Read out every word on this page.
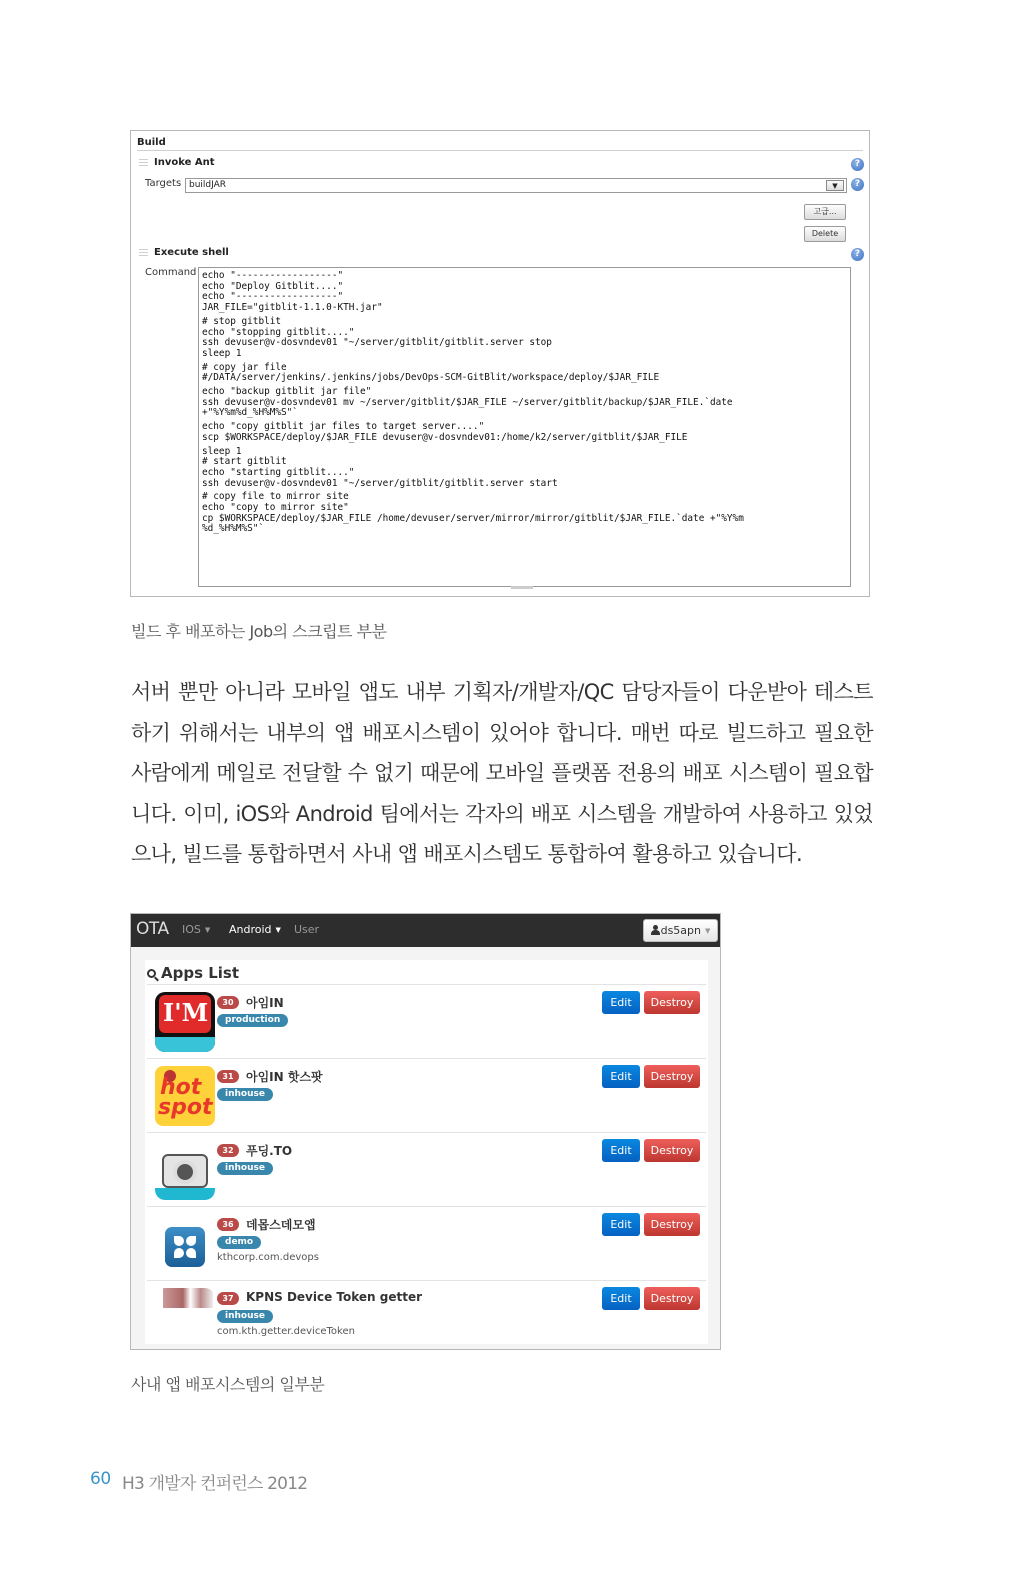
Build
Invoke Ant	?
Targets buildJAR	▼	?
고급...
Delete
Execute shell	?
Command echo "------------------"
echo "Deploy Gitblit...."
echo "------------------"
JAR_FILE="gitblit-1.1.0-KTH.jar"

# stop gitblit
echo "stopping gitblit...."
ssh devuser@v-dosvndev01 "~/server/gitblit/gitblit.server stop
sleep 1

# copy jar file
#/DATA/server/jenkins/.jenkins/jobs/DevOps-SCM-GitBlit/workspace/deploy/$JAR_FILE

echo "backup gitblit jar file"
ssh devuser@v-dosvndev01 mv ~/server/gitblit/$JAR_FILE ~/server/gitblit/backup/$JAR_FILE.`date
+"%Y%m%d_%H%M%S"`

echo "copy gitblit jar files to target server...."
scp $WORKSPACE/deploy/$JAR_FILE devuser@v-dosvndev01:/home/k2/server/gitblit/$JAR_FILE

sleep 1
# start gitblit
echo "starting gitblit...."
ssh devuser@v-dosvndev01 "~/server/gitblit/gitblit.server start

# copy file to mirror site
echo "copy to mirror site"
cp $WORKSPACE/deploy/$JAR_FILE /home/devuser/server/mirror/mirror/gitblit/$JAR_FILE.`date +"%Y%m
%d_%H%M%S"`
빌드 후 배포하는 Job의 스크립트 부분
서버 뿐만 아니라 모바일 앱도 내부 기획자/개발자/QC 담당자들이 다운받아 테스트하기 위해서는 내부의 앱 배포시스템이 있어야 합니다. 매번 따로 빌드하고 필요한 사람에게 메일로 전달할 수 없기 때문에 모바일 플랫폼 전용의 배포 시스템이 필요합니다. 이미, iOS와 Android 팀에서는 각자의 배포 시스템을 개발하여 사용하고 있었으나, 빌드를 통합하면서 사내 앱 배포시스템도 통합하여 활용하고 있습니다.
OTA IOS ▼ Android ▼ User	ds5apn ▼
Apps List
I'M	30	아임IN
production
Edit	Destroy
hot
spot
31	아임IN 핫스팟
inhouse
Edit	Destroy
32	푸딩.TO
inhouse
Edit	Destroy
36	데몹스데모앱
demo
kthcorp.com.devops
Edit	Destroy
37	KPNS Device Token getter
inhouse
com.kth.getter.deviceToken
Edit	Destroy
사내 앱 배포시스템의 일부분
60 H3 개발자 컨퍼런스 2012
